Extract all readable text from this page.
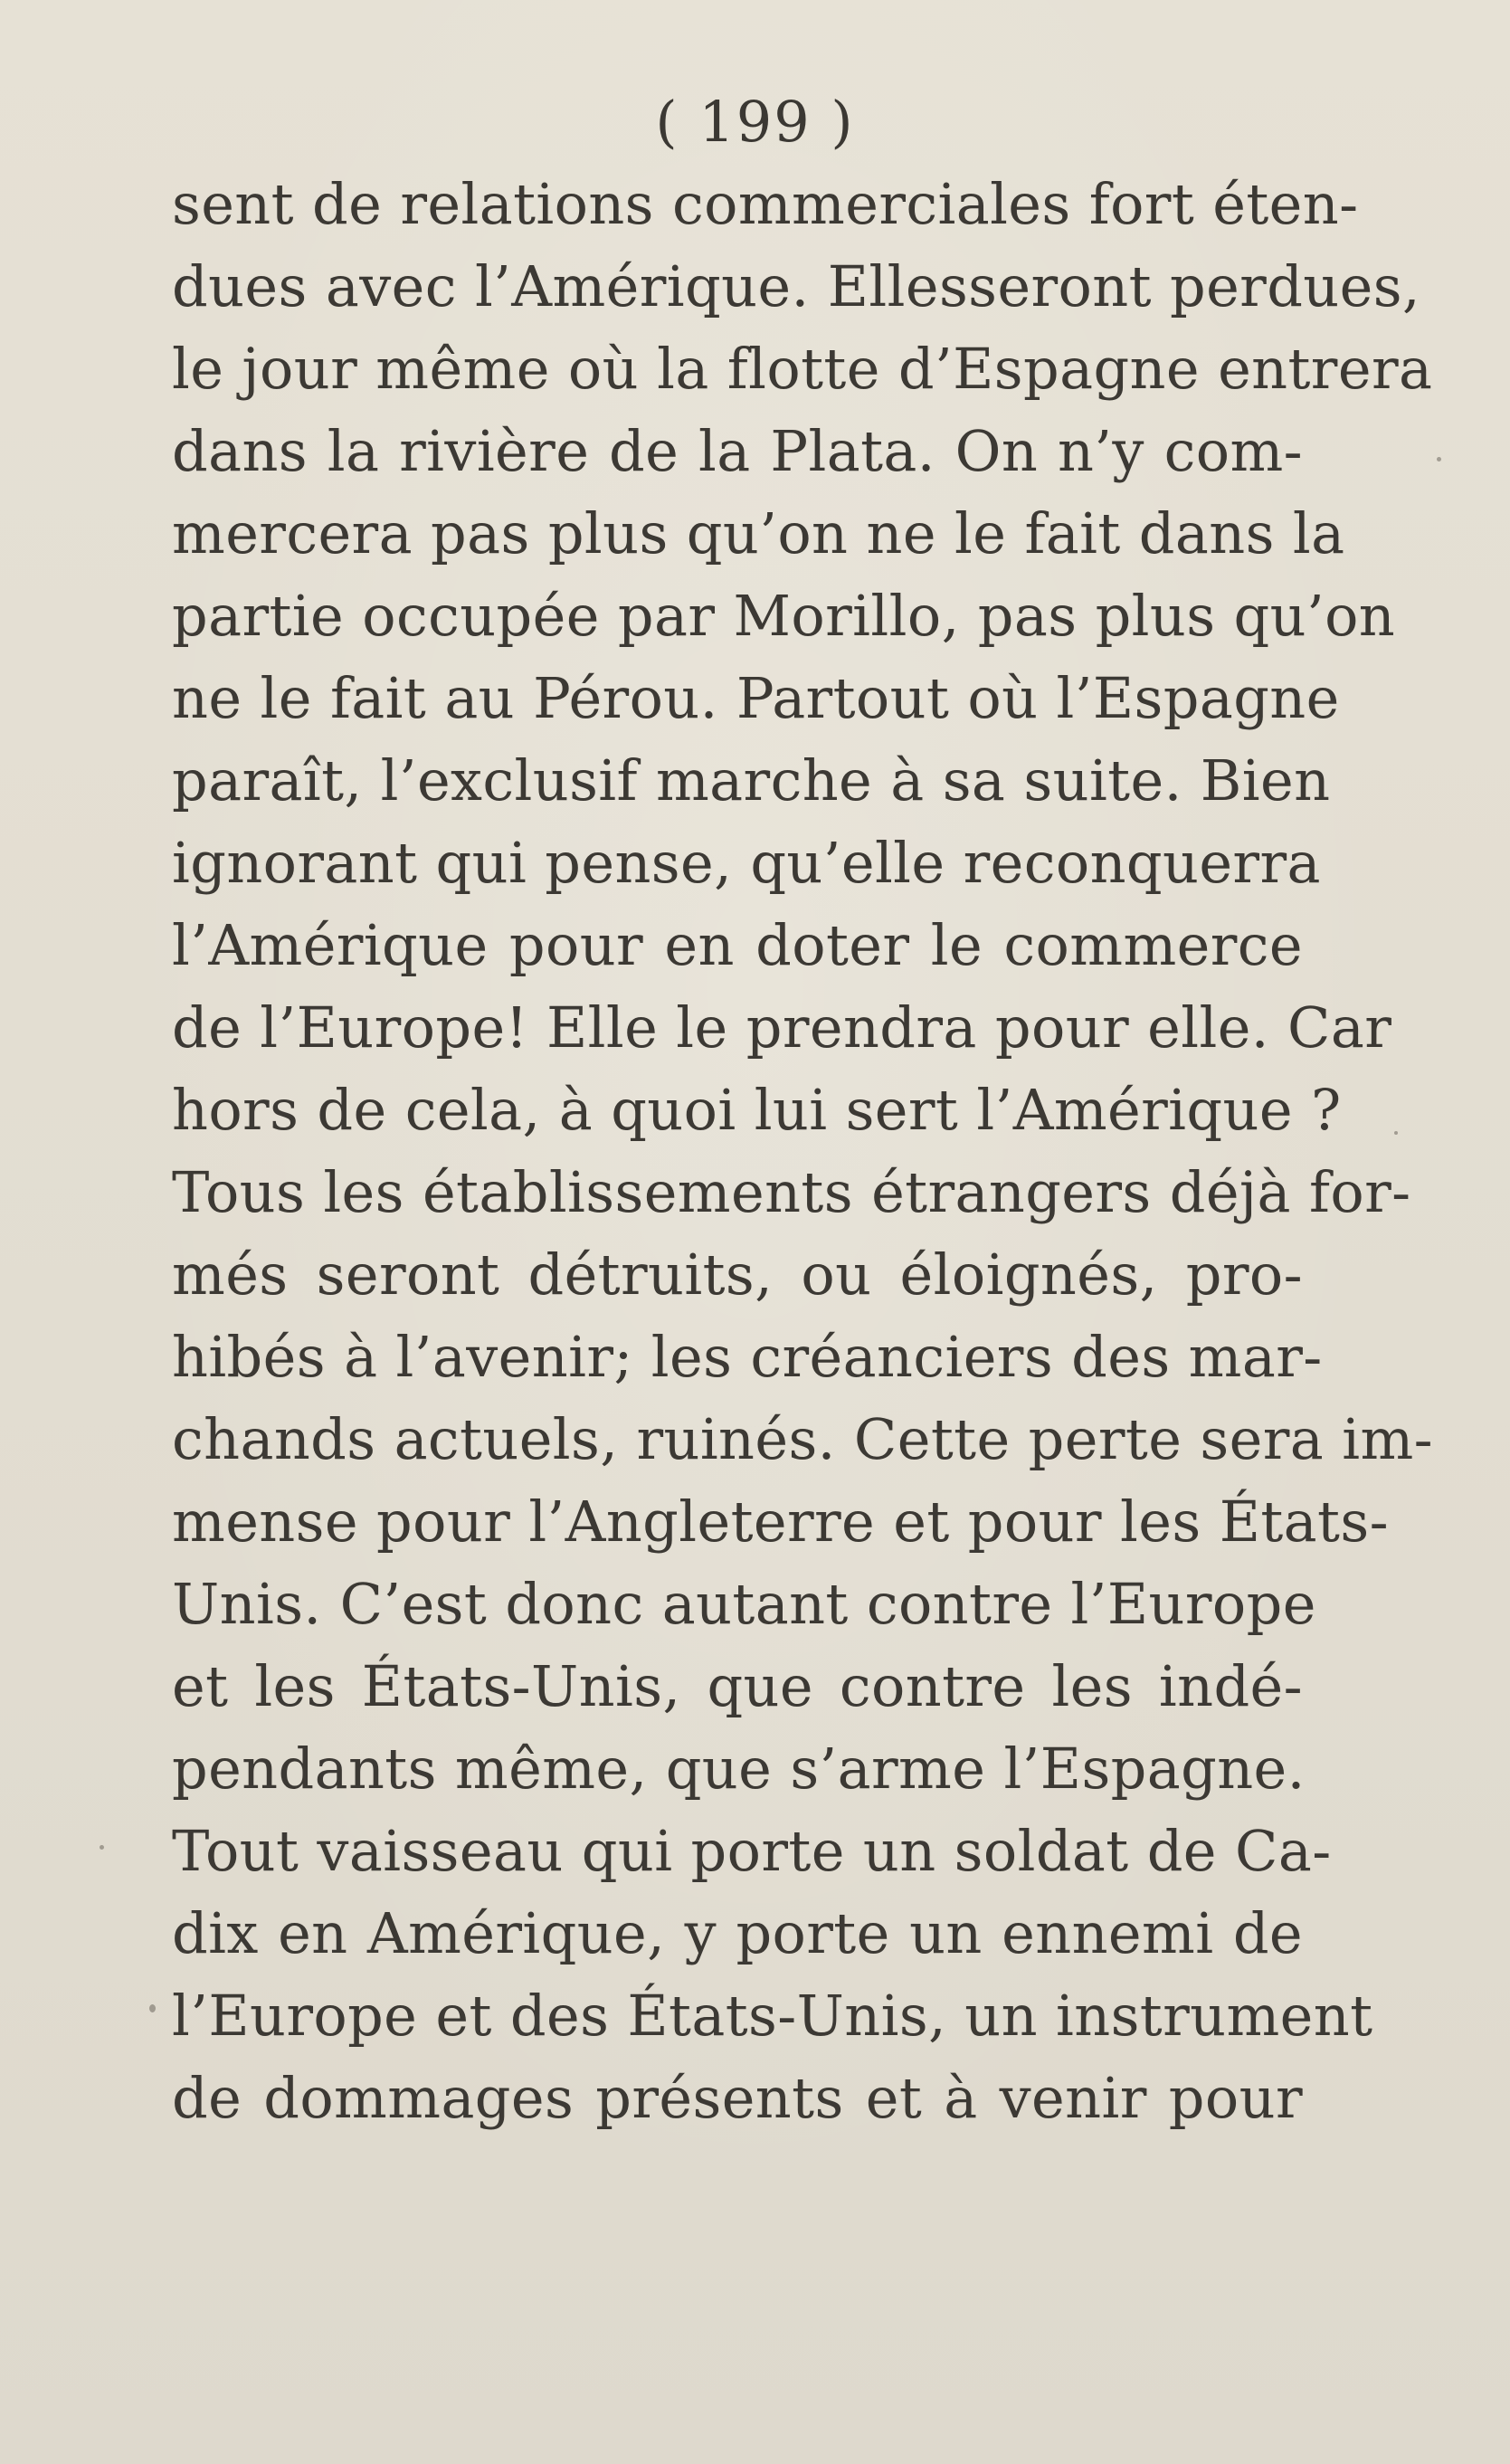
( 199 )
sent de relations commerciales fort éten-
dues avec l’Amérique. Ellesseront perdues,
le jour même où la flotte d’Espagne entrera
dans la rivière de la Plata. On n’y com-
mercera pas plus qu’on ne le fait dans la
partie occupée par Morillo, pas plus qu’on
ne le fait au Pérou. Partout où l’Espagne
paraît, l’exclusif marche à sa suite. Bien
ignorant qui pense, qu’elle reconquerra
l’Amérique pour en doter le commerce
de l’Europe! Elle le prendra pour elle. Car
hors de cela, à quoi lui sert l’Amérique ?
Tous les établissements étrangers déjà for-
més seront détruits, ou éloignés, pro-
hibés à l’avenir; les créanciers des mar-
chands actuels, ruinés. Cette perte sera im-
mense pour l’Angleterre et pour les États-
Unis. C’est donc autant contre l’Europe
et les États-Unis, que contre les indé-
pendants même, que s’arme l’Espagne.
Tout vaisseau qui porte un soldat de Ca-
dix en Amérique, y porte un ennemi de
l’Europe et des États-Unis, un instrument
de dommages présents et à venir pour
